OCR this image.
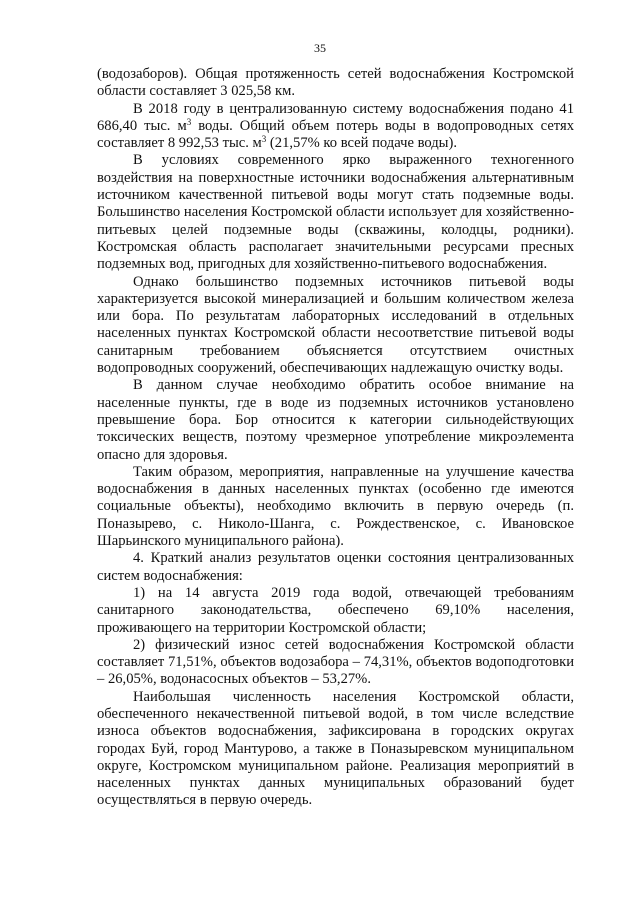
35

(водозаборов). Общая протяженность сетей водоснабжения Костромской области составляет 3 025,58 км.

В 2018 году в централизованную систему водоснабжения подано 41 686,40 тыс. $м^3$ воды. Общий объем потерь воды в водопроводных сетях составляет 8 992,53 тыс. $м^3$ (21,57% ко всей подаче воды).

В условиях современного ярко выраженного техногенного воздействия на поверхностные источники водоснабжения альтернативным источником качественной питьевой воды могут стать подземные воды. Большинство населения Костромской области использует для хозяйственно-питьевых целей подземные воды (скважины, колодцы, родники). Костромская область располагает значительными ресурсами пресных подземных вод, пригодных для хозяйственно-питьевого водоснабжения.

Однако большинство подземных источников питьевой воды характеризуется высокой минерализацией и большим количеством железа или бора. По результатам лабораторных исследований в отдельных населенных пунктах Костромской области несоответствие питьевой воды санитарным требованием объясняется отсутствием очистных водопроводных сооружений, обеспечивающих надлежащую очистку воды.

В данном случае необходимо обратить особое внимание на населенные пункты, где в воде из подземных источников установлено превышение бора. Бор относится к категории сильнодействующих токсических веществ, поэтому чрезмерное употребление микроэлемента опасно для здоровья.

Таким образом, мероприятия, направленные на улучшение качества водоснабжения в данных населенных пунктах (особенно где имеются социальные объекты), необходимо включить в первую очередь (п. Поназырево, с. Николо-Шанга, с. Рождественское, с. Ивановское Шарьинского муниципального района).

4. Краткий анализ результатов оценки состояния централизованных систем водоснабжения:

1) на 14 августа 2019 года водой, отвечающей требованиям санитарного законодательства, обеспечено 69,10% населения, проживающего на территории Костромской области;

2) физический износ сетей водоснабжения Костромской области составляет 71,51%, объектов водозабора – 74,31%, объектов водоподготовки – 26,05%, водонасосных объектов – 53,27%.

Наибольшая численность населения Костромской области, обеспеченного некачественной питьевой водой, в том числе вследствие износа объектов водоснабжения, зафиксирована в городских округах городах Буй, город Мантурово, а также в Поназыревском муниципальном округе, Костромском муниципальном районе. Реализация мероприятий в населенных пунктах данных муниципальных образований будет осуществляться в первую очередь.
